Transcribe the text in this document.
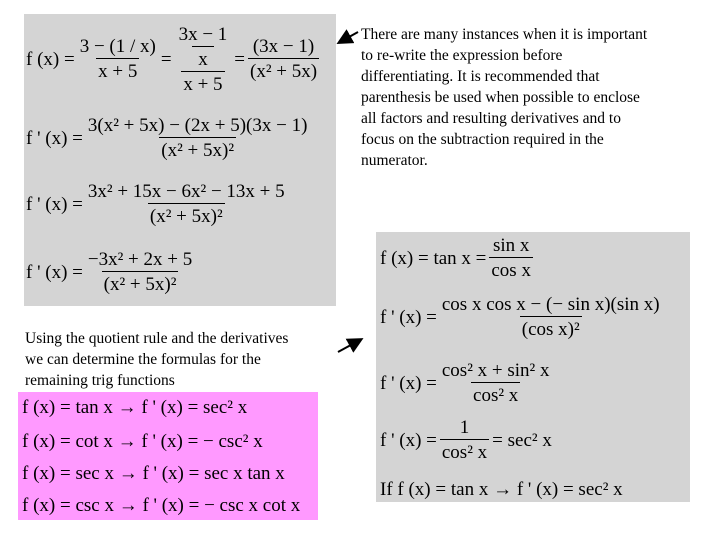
f $(x) = \frac{3 - (1 / x)}{x + 5} = 3x - 1$
x
$x + 5 = \frac{(3x - 1)}{\text{(x² + 5x)}}$
f ' $(x) = \frac{\text{3(x² + 5x) − (2x + 5)(3x − 1)}}{\text{(x² + 5x)²}}$
f ' $(x) = \frac{\text{3x² + 15x − 6x² − 13x + 5}}{\text{(x² + 5x)²}}$
f ' $(x) = \frac{\text{−3x² + 2x + 5}}{\text{(x² + 5x)²}}$
There are many instances when it is important
to re-write the expression before
differentiating. It is recommended that
parenthesis be used when possible to enclose
all factors and resulting derivatives and to
focus on the subtraction required in the
numerator.
Using the quotient rule and the derivatives
we can determine the formulas for the
remaining trig functions
f $(x) = \tan x = \frac{\text{sin x}}{\text{cos x}}$
f ' $(x) = \frac{\text{cos x cos x − (− sin x)(sin x)}}{\text{(cos x)²}}$
f ' $(x) = \frac{\text{cos² x + sin² x}}{\text{cos² x}}$
f ' $(x) = \frac{1}{\text{cos² x}} = \sec^2$ x
If f (x) = tan x → f ' (x) = sec² x
f (x) = tan x → f ' (x) = sec² x
f (x) = cot x → f ' (x) = − csc² x
f (x) = sec x → f ' (x) = sec x tan x
f (x) = csc x → f ' (x) = − csc x cot x
